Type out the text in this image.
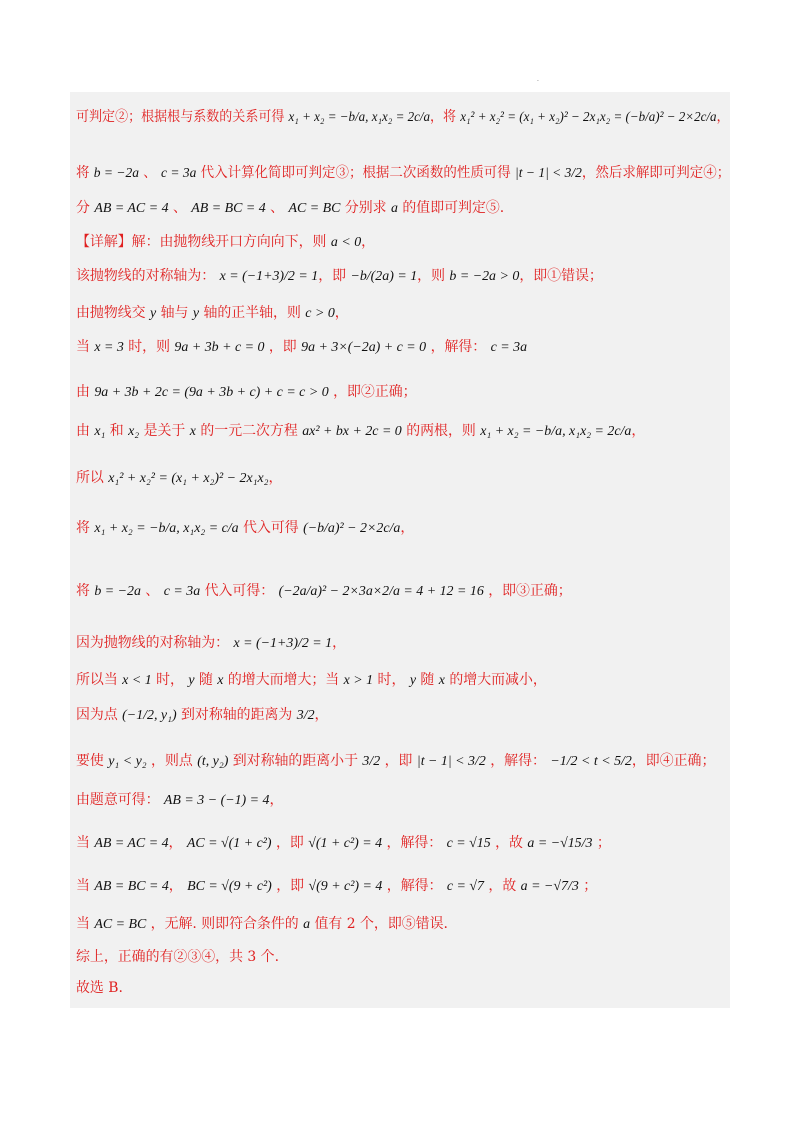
·
可判定②；根据根与系数的关系可得 x₁ + x₂ = −b/a, x₁x₂ = 2c/a，将 x₁² + x₂² = (x₁ + x₂)² − 2x₁x₂ = (−b/a)² − 2×2c/a，
将 b = −2a 、 c = 3a 代入计算化简即可判定③；根据二次函数的性质可得 |t − 1| < 3/2，然后求解即可判定④；
分 AB = AC = 4 、 AB = BC = 4 、 AC = BC 分别求 a 的值即可判定⑤.
【详解】解：由抛物线开口方向向下，则 a < 0，
该抛物线的对称轴为： x = (−1+3)/2 = 1，即 −b/(2a) = 1，则 b = −2a > 0，即①错误；
由抛物线交 y 轴与 y 轴的正半轴，则 c > 0，
当 x = 3 时，则 9a + 3b + c = 0 ，即 9a + 3×(−2a) + c = 0 ，解得： c = 3a
由 9a + 3b + 2c = (9a + 3b + c) + c = c > 0 ，即②正确；
由 x₁ 和 x₂ 是关于 x 的一元二次方程 ax² + bx + 2c = 0 的两根，则 x₁ + x₂ = −b/a, x₁x₂ = 2c/a，
所以 x₁² + x₂² = (x₁ + x₂)² − 2x₁x₂，
将 x₁ + x₂ = −b/a, x₁x₂ = c/a 代入可得 (−b/a)² − 2×2c/a，
将 b = −2a 、 c = 3a 代入可得： (−2a/a)² − 2×3a×2/a = 4 + 12 = 16 ，即③正确；
因为抛物线的对称轴为： x = (−1+3)/2 = 1，
所以当 x < 1 时， y 随 x 的增大而增大；当 x > 1 时， y 随 x 的增大而减小，
因为点 (−1/2, y₁) 到对称轴的距离为 3/2，
要使 y₁ < y₂ ，则点 (t, y₂) 到对称轴的距离小于 3/2 ，即 |t − 1| < 3/2 ，解得： −1/2 < t < 5/2，即④正确；
由题意可得： AB = 3 − (−1) = 4，
当 AB = AC = 4， AC = √(1 + c²) ，即 √(1 + c²) = 4 ，解得： c = √15 ，故 a = −√15/3 ；
当 AB = BC = 4， BC = √(9 + c²) ，即 √(9 + c²) = 4 ，解得： c = √7 ，故 a = −√7/3 ；
当 AC = BC ，无解. 则即符合条件的 a 值有 2 个，即⑤错误.
综上，正确的有②③④，共 3 个.
故选 B.
